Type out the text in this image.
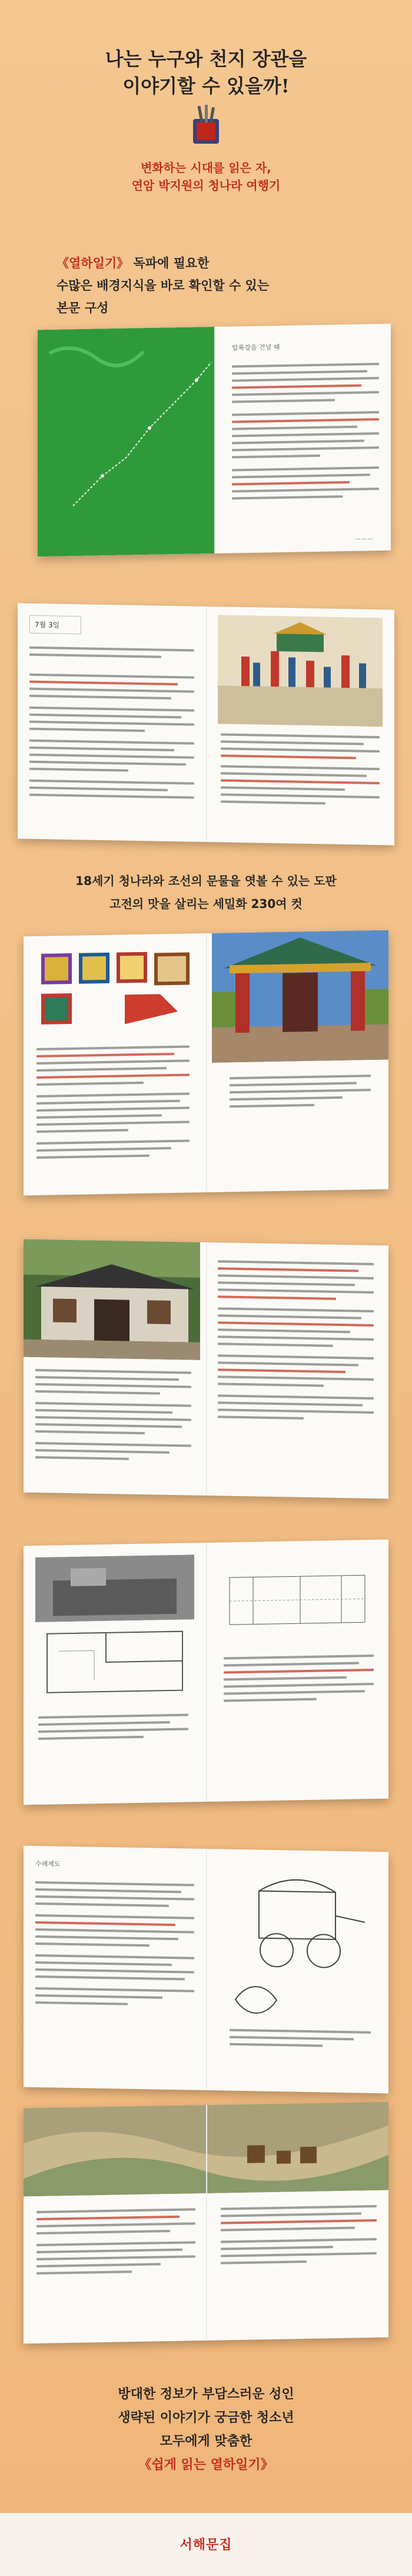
나는 누구와 천지 장관을
이야기할 수 있을까!
변화하는 시대를 읽은 자,
연암 박지원의 청나라 여행기
《열하일기》 독파에 필요한
수많은 배경지식을 바로 확인할 수 있는
본문 구성
압록강을 건널 때
― ― ―
7월 3일
18세기 청나라와 조선의 문물을 엿볼 수 있는 도판
고전의 맛을 살리는 세밀화 230여 컷
수레제도
방대한 정보가 부담스러운 성인
생략된 이야기가 궁금한 청소년
모두에게 맞춤한
《쉽게 읽는 열하일기》
서해문집
